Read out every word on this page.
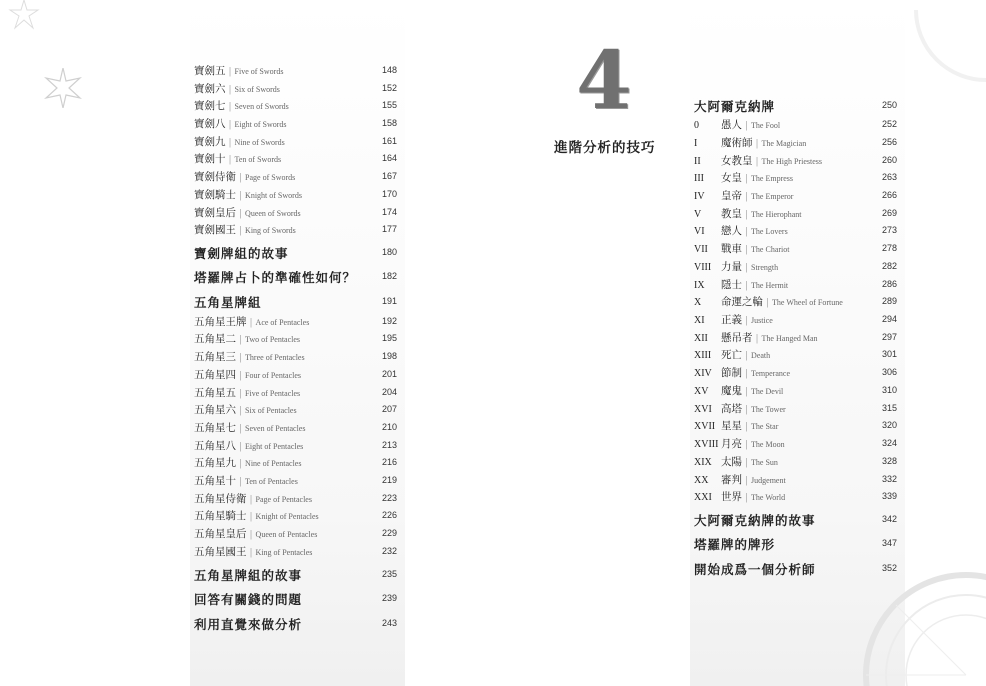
4
進階分析的技巧
寶劍五 | Five of Swords	148
寶劍六 | Six of Swords	152
寶劍七 | Seven of Swords	155
寶劍八 | Eight of Swords	158
寶劍九 | Nine of Swords	161
寶劍十 | Ten of Swords	164
寶劍侍衛 | Page of Swords	167
寶劍騎士 | Knight of Swords	170
寶劍皇后 | Queen of Swords	174
寶劍國王 | King of Swords	177
寶劍牌組的故事	180
塔羅牌占卜的準確性如何？	182
五角星牌組	191
五角星王牌 | Ace of Pentacles	192
五角星二 | Two of Pentacles	195
五角星三 | Three of Pentacles	198
五角星四 | Four of Pentacles	201
五角星五 | Five of Pentacles	204
五角星六 | Six of Pentacles	207
五角星七 | Seven of Pentacles	210
五角星八 | Eight of Pentacles	213
五角星九 | Nine of Pentacles	216
五角星十 | Ten of Pentacles	219
五角星侍衛 | Page of Pentacles	223
五角星騎士 | Knight of Pentacles	226
五角星皇后 | Queen of Pentacles	229
五角星國王 | King of Pentacles	232
五角星牌組的故事	235
回答有關錢的問題	239
利用直覺來做分析	243
大阿爾克納牌	250
0	愚人 | The Fool	252
I	魔術師 | The Magician	256
II	女教皇 | The High Priestess	260
III	女皇 | The Empress	263
IV	皇帝 | The Emperor	266
V	教皇 | The Hierophant	269
VI	戀人 | The Lovers	273
VII	戰車 | The Chariot	278
VIII 力量 | Strength	282
IX	隱士 | The Hermit	286
X	命運之輪 | The Wheel of Fortune	289
XI	正義 | Justice	294
XII	懸吊者 | The Hanged Man	297
XIII 死亡 | Death	301
XIV 節制 | Temperance	306
XV	魔鬼 | The Devil	310
XVI 高塔 | The Tower	315
XVII 星星 | The Star	320
XVIII 月亮 | The Moon	324
XIX 太陽 | The Sun	328
XX	審判 | Judgement	332
XXI 世界 | The World	339
大阿爾克納牌的故事	342
塔羅牌的牌形	347
開始成爲一個分析師	352
